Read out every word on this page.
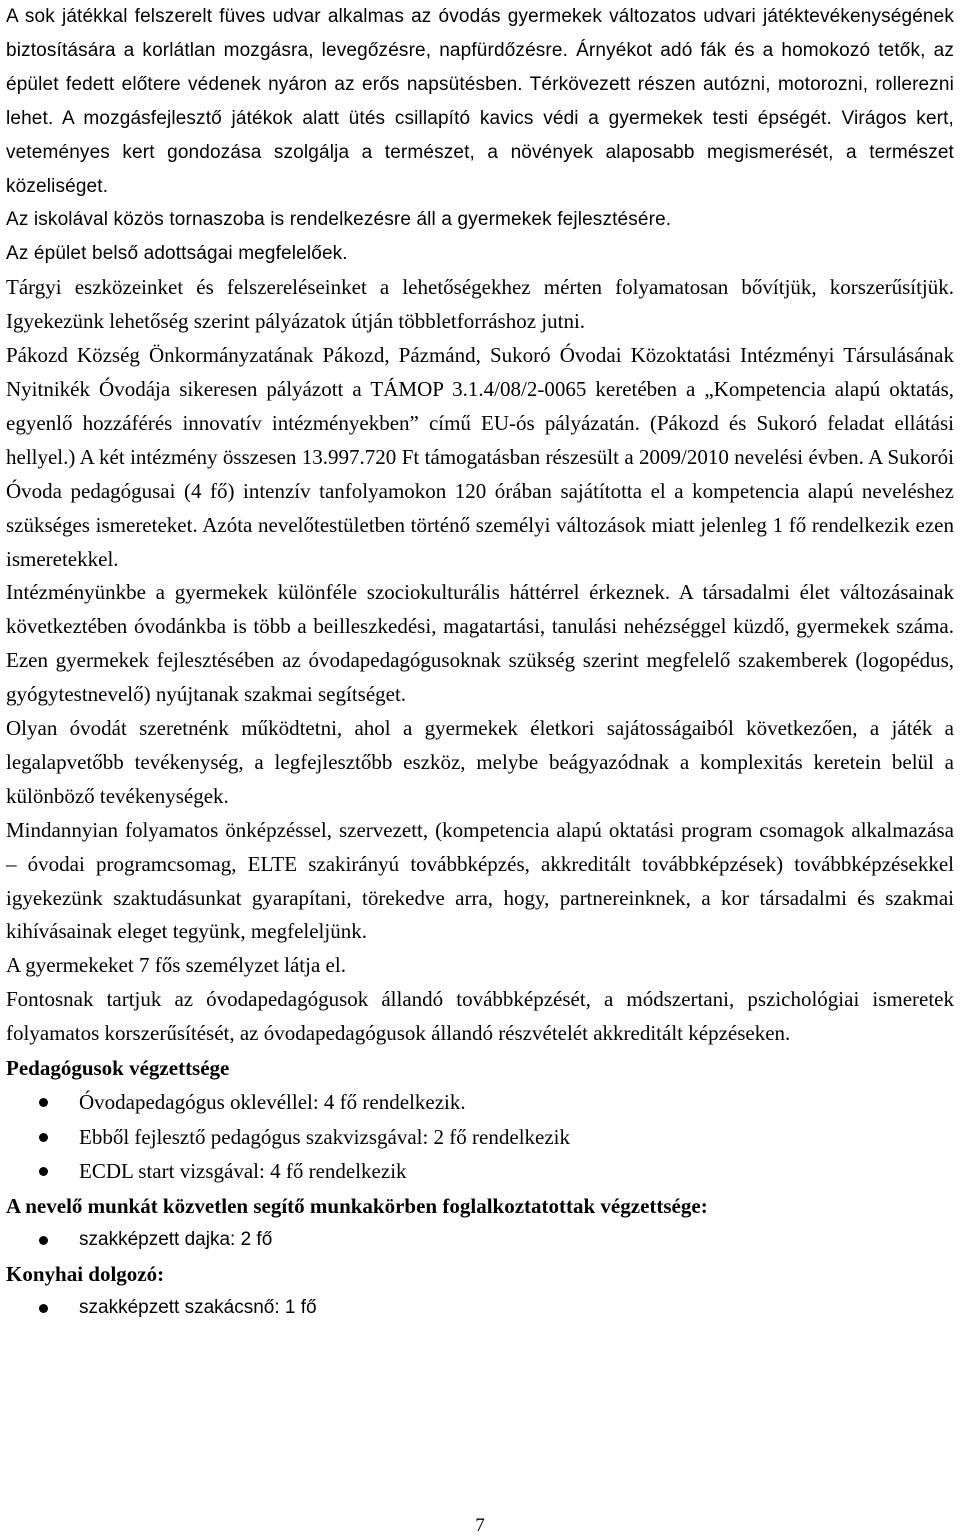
A sok játékkal felszerelt füves udvar alkalmas az óvodás gyermekek változatos udvari játéktevékenységének biztosítására a korlátlan mozgásra, levegőzésre, napfürdőzésre. Árnyékot adó fák és a homokozó tetők, az épület fedett előtere védenek nyáron az erős napsütésben. Térkövezett részen autózni, motorozni, rollerezni lehet. A mozgásfejlesztő játékok alatt ütés csillapító kavics védi a gyermekek testi épségét. Virágos kert, veteményes kert gondozása szolgálja a természet, a növények alaposabb megismerését, a természet közeliséget.

Az iskolával közös tornaszoba is rendelkezésre áll a gyermekek fejlesztésére.

Az épület belső adottságai megfelelőek.

Tárgyi eszközeinket és felszereléseinket a lehetőségekhez mérten folyamatosan bővítjük, korszerűsítjük. Igyekezünk lehetőség szerint pályázatok útján többletforráshoz jutni.

Pákozd Község Önkormányzatának Pákozd, Pázmánd, Sukoró Óvodai Közoktatási Intézményi Társulásának Nyitnikék Óvodája sikeresen pályázott a TÁMOP 3.1.4/08/2-0065 keretében a „Kompetencia alapú oktatás, egyenlő hozzáférés innovatív intézményekben” című EU-ós pályázatán. (Pákozd és Sukoró feladat ellátási hellyel.) A két intézmény összesen 13.997.720 Ft támogatásban részesült a 2009/2010 nevelési évben. A Sukorói Óvoda pedagógusai (4 fő) intenzív tanfolyamokon 120 órában sajátította el a kompetencia alapú neveléshez szükséges ismereteket. Azóta nevelőtestületben történő személyi változások miatt jelenleg 1 fő rendelkezik ezen ismeretekkel.

Intézményünkbe a gyermekek különféle szociokulturális háttérrel érkeznek. A társadalmi élet változásainak következtében óvodánkba is több a beilleszkedési, magatartási, tanulási nehézséggel küzdő, gyermekek száma. Ezen gyermekek fejlesztésében az óvodapedagógusoknak szükség szerint megfelelő szakemberek (logopédus, gyógytestnevelő) nyújtanak szakmai segítséget.

Olyan óvodát szeretnénk működtetni, ahol a gyermekek életkori sajátosságaiból következően, a játék a legalapvetőbb tevékenység, a legfejlesztőbb eszköz, melybe beágyazódnak a komplexitás keretein belül a különböző tevékenységek.

Mindannyian folyamatos önképzéssel, szervezett, (kompetencia alapú oktatási program csomagok alkalmazása – óvodai programcsomag, ELTE szakirányú továbbképzés, akkreditált továbbképzések) továbbképzésekkel igyekezünk szaktudásunkat gyarapítani, törekedve arra, hogy, partnereinknek, a kor társadalmi és szakmai kihívásainak eleget tegyünk, megfeleljünk.

A gyermekeket 7 fős személyzet látja el.

Fontosnak tartjuk az óvodapedagógusok állandó továbbképzését, a módszertani, pszichológiai ismeretek folyamatos korszerűsítését, az óvodapedagógusok állandó részvételét akkreditált képzéseken.

Pedagógusok végzettsége
Óvodapedagógus oklevéllel: 4 fő rendelkezik.
Ebből fejlesztő pedagógus szakvizsgával: 2 fő rendelkezik
ECDL start vizsgával: 4 fő rendelkezik
A nevelő munkát közvetlen segítő munkakörben foglalkoztatottak végzettsége:
szakképzett dajka: 2 fő
Konyhai dolgozó:
szakképzett szakácsnő: 1 fő
7
